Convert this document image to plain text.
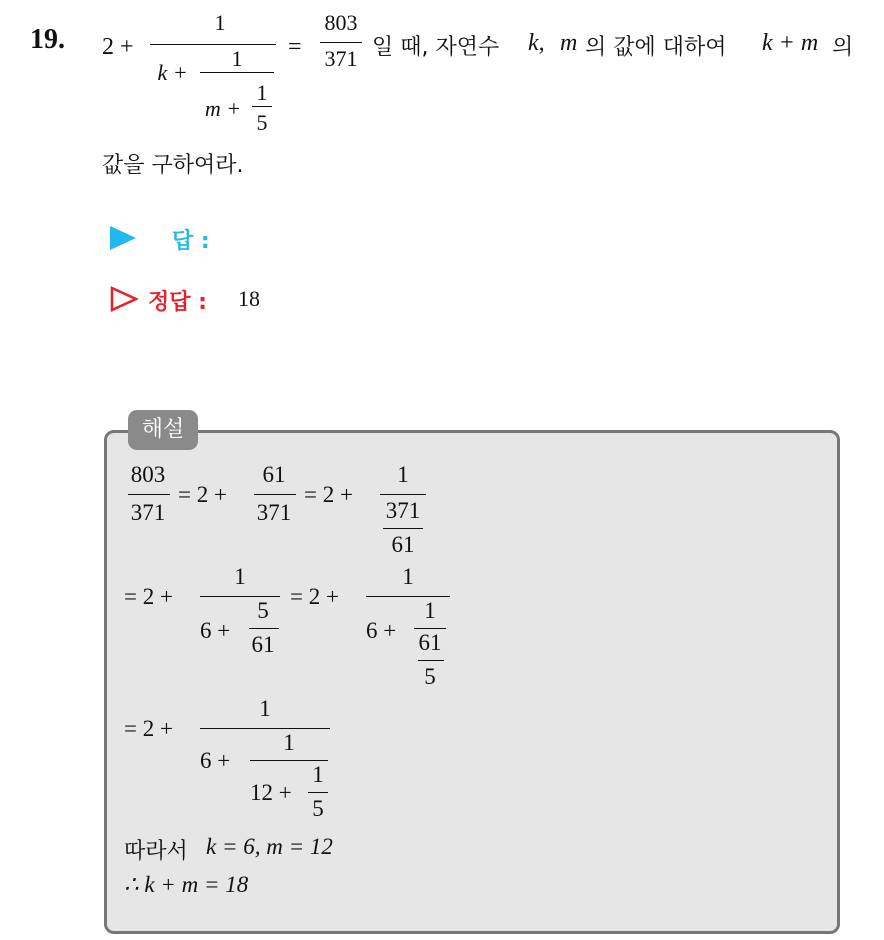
19. 2 +
1
k +
1
m +
1
5
=
803
371 일 때, 자연수 k, m 의 값에 대하여 k + m 의
값을 구하여라.
답 :
정답 : 18
해설
803
371
= 2 +
61
371
= 2 +
1
371
61
= 2 +
1
6 +
5
61
= 2 +
1
6 +
1
61
5
= 2 +
1
6 +
1
12 +
1
5
따라서 k = 6, m = 12
∴ k + m = 18
